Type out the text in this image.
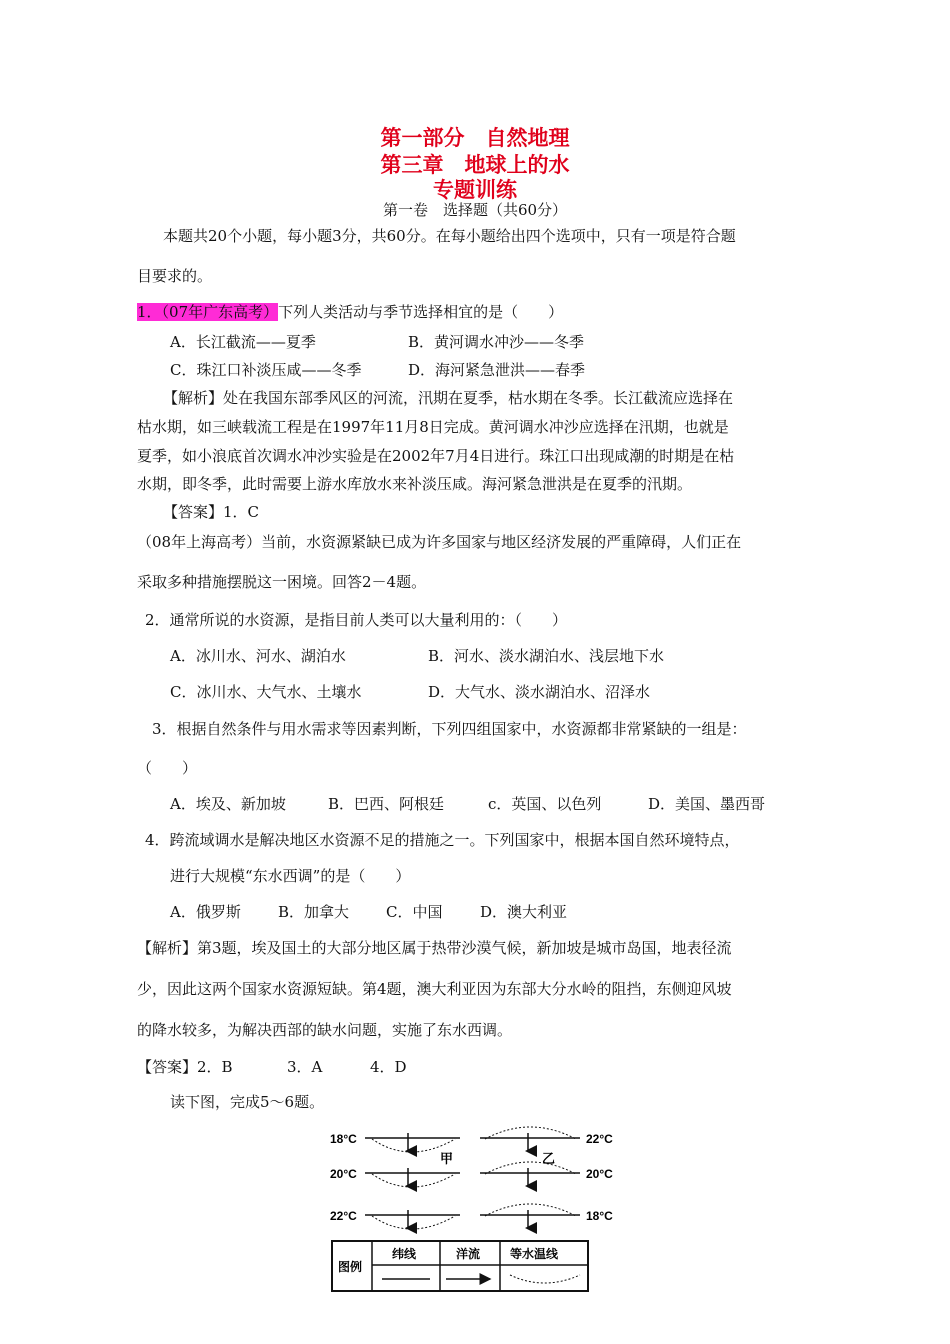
第一部分　自然地理
第三章　地球上的水
专题训练
第一卷　选择题（共60分）
本题共20个小题，每小题3分，共60分。在每小题给出四个选项中，只有一项是符合题
目要求的。
1．（07年广东高考）下列人类活动与季节选择相宜的是（　　）
A．长江截流——夏季	B．黄河调水冲沙——冬季
C．珠江口补淡压咸——冬季	D．海河紧急泄洪——春季
【解析】处在我国东部季风区的河流，汛期在夏季，枯水期在冬季。长江截流应选择在
枯水期，如三峡载流工程是在1997年11月8日完成。黄河调水冲沙应选择在汛期，也就是
夏季，如小浪底首次调水冲沙实验是在2002年7月4日进行。珠江口出现咸潮的时期是在枯
水期，即冬季，此时需要上游水库放水来补淡压咸。海河紧急泄洪是在夏季的汛期。
【答案】1．C
（08年上海高考）当前，水资源紧缺已成为许多国家与地区经济发展的严重障碍，人们正在
采取多种措施摆脱这一困境。回答2－4题。
2．通常所说的水资源，是指目前人类可以大量利用的：（　　）
A．冰川水、河水、湖泊水	B．河水、淡水湖泊水、浅层地下水
C．冰川水、大气水、土壤水	D．大气水、淡水湖泊水、沼泽水
3．根据自然条件与用水需求等因素判断，下列四组国家中，水资源都非常紧缺的一组是：
（　　）
A．埃及、新加坡	B．巴西、阿根廷	c．英国、以色列	D．美国、墨西哥
4．跨流域调水是解决地区水资源不足的措施之一。下列国家中，根据本国自然环境特点，
进行大规模“东水西调”的是（　　）
A．俄罗斯 B．加拿大 C．中国	D．澳大利亚
【解析】第3题，埃及国土的大部分地区属于热带沙漠气候，新加坡是城市岛国，地表径流
少，因此这两个国家水资源短缺。第4题，澳大利亚因为东部大分水岭的阻挡，东侧迎风坡
的降水较多，为解决西部的缺水问题，实施了东水西调。
【答案】2．B	3．A	4．D
读下图，完成5～6题。
18°C
20°C
22°C
甲
22°C
20°C
18°C
乙
图例
纬线	洋流 等水温线
